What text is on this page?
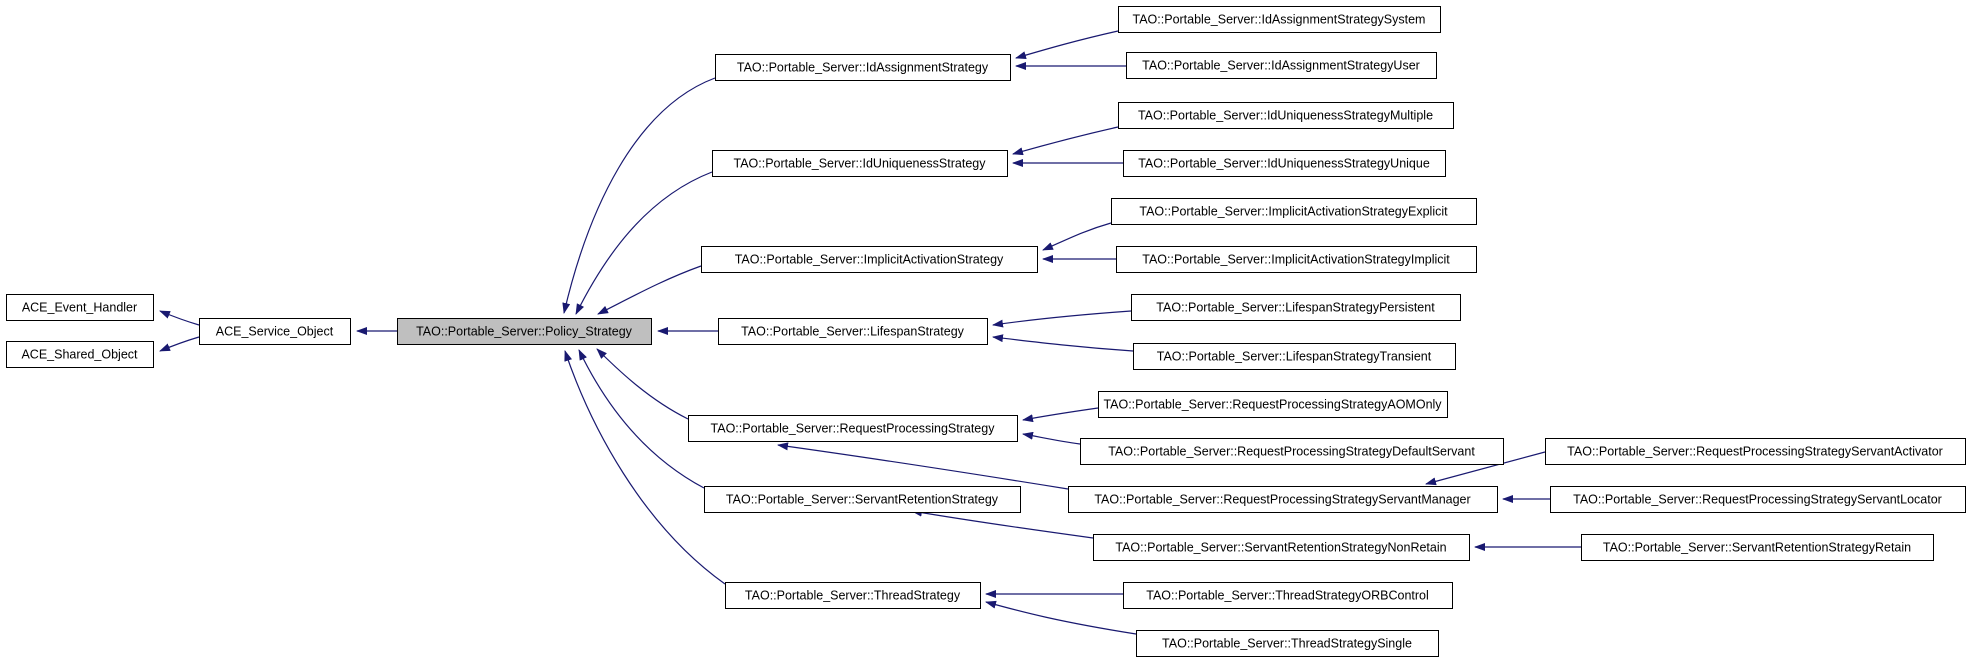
ACE_Event_Handler
ACE_Shared_Object
ACE_Service_Object	TAO::Portable_Server::Policy_Strategy
TAO::Portable_Server::IdAssignmentStrategy
TAO::Portable_Server::IdUniquenessStrategy
TAO::Portable_Server::ImplicitActivationStrategy
TAO::Portable_Server::LifespanStrategy
TAO::Portable_Server::RequestProcessingStrategy
TAO::Portable_Server::ServantRetentionStrategy
TAO::Portable_Server::ThreadStrategy
TAO::Portable_Server::IdAssignmentStrategySystem
TAO::Portable_Server::IdAssignmentStrategyUser
TAO::Portable_Server::IdUniquenessStrategyMultiple
TAO::Portable_Server::IdUniquenessStrategyUnique
TAO::Portable_Server::ImplicitActivationStrategyExplicit
TAO::Portable_Server::ImplicitActivationStrategyImplicit
TAO::Portable_Server::LifespanStrategyPersistent
TAO::Portable_Server::LifespanStrategyTransient
TAO::Portable_Server::RequestProcessingStrategyAOMOnly
TAO::Portable_Server::RequestProcessingStrategyDefaultServant
TAO::Portable_Server::RequestProcessingStrategyServantManager
TAO::Portable_Server::ServantRetentionStrategyNonRetain
TAO::Portable_Server::ThreadStrategyORBControl
TAO::Portable_Server::ThreadStrategySingle
TAO::Portable_Server::RequestProcessingStrategyServantActivator
TAO::Portable_Server::RequestProcessingStrategyServantLocator
TAO::Portable_Server::ServantRetentionStrategyRetain
